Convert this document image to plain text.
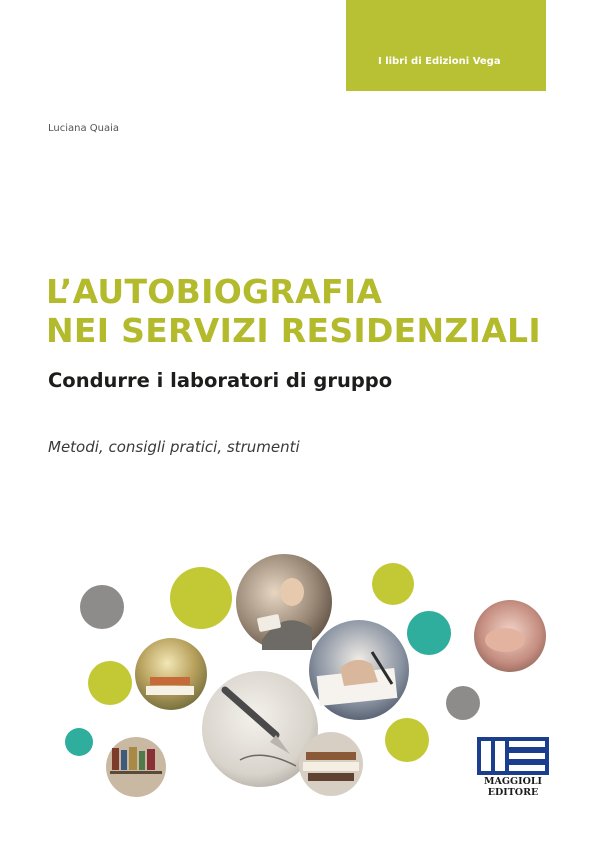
I libri di Edizioni Vega
Luciana Quaia
L’AUTOBIOGRAFIA
NEI SERVIZI RESIDENZIALI
Condurre i laboratori di gruppo
Metodi, consigli pratici, strumenti
MAGGIOLI
EDITORE
